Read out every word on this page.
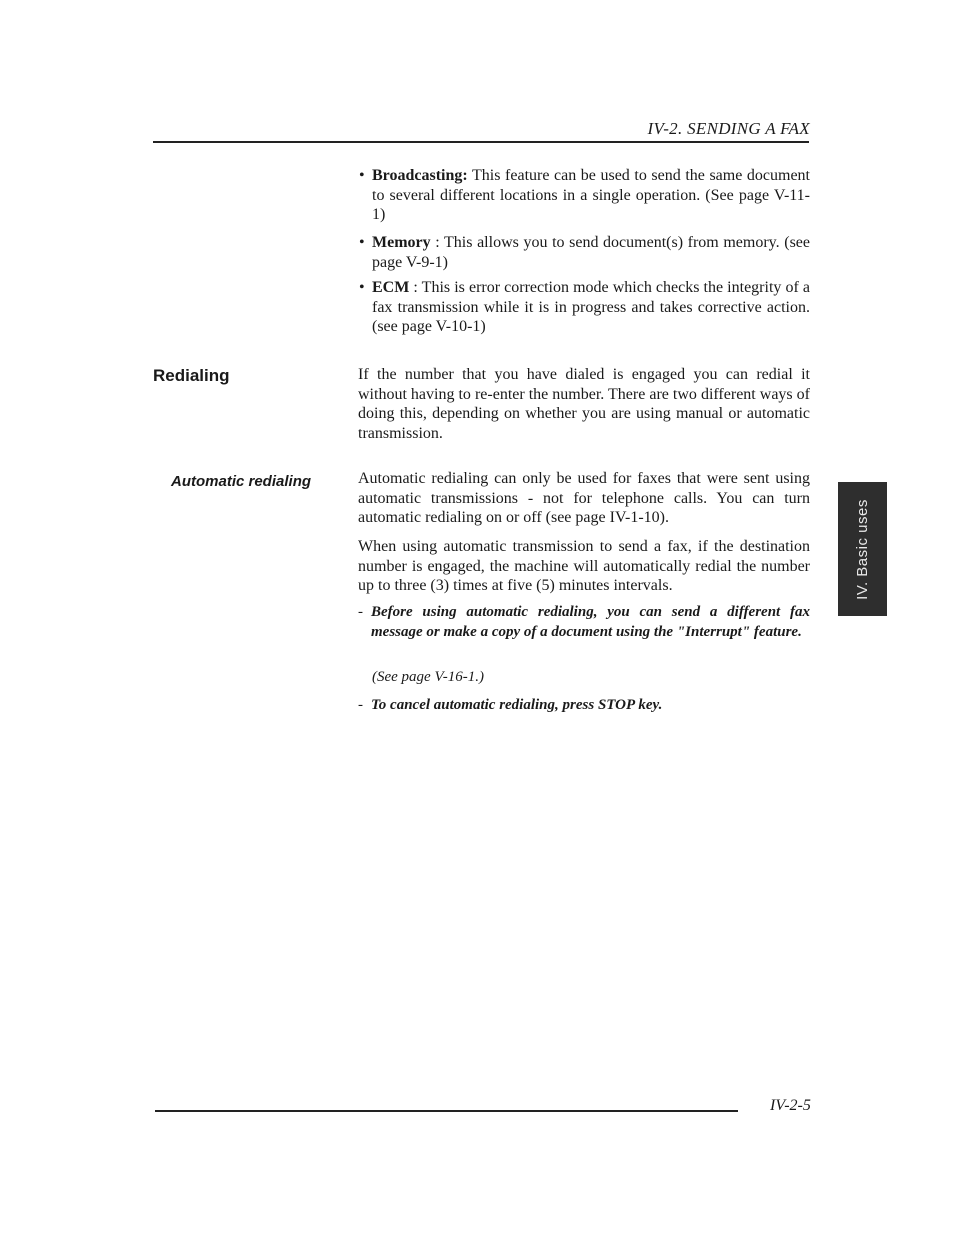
IV-2. SENDING A FAX
• Broadcasting: This feature can be used to send the same document to several different locations in a single operation. (See page V-11-1)
• Memory : This allows you to send document(s) from memory. (see page V-9-1)
• ECM : This is error correction mode which checks the integrity of a fax transmission while it is in progress and takes corrective action. (see page V-10-1)
Redialing	If the number that you have dialed is engaged you can redial it without having to re-enter the number. There are two different ways of doing this, depending on whether you are using manual or automatic transmission.
Automatic redialing	Automatic redialing can only be used for faxes that were sent using automatic transmissions - not for telephone calls. You can turn automatic redialing on or off (see page IV-1-10).
When using automatic transmission to send a fax, if the destination number is engaged, the machine will automatically redial the number up to three (3) times at five (5) minutes intervals.
- Before using automatic redialing, you can send a different fax message or make a copy of a document using the "Interrupt" feature.
(See page V-16-1.)
- To cancel automatic redialing, press STOP key.
IV. Basic uses
IV-2-5
